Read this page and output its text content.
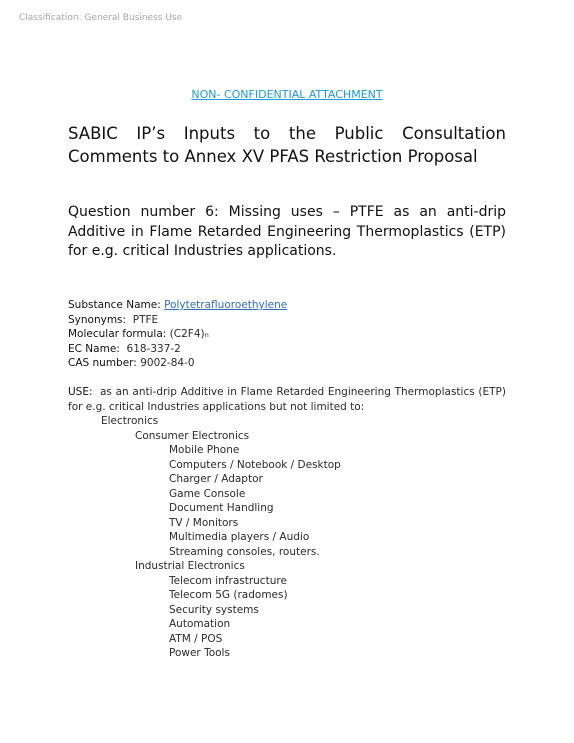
Classification: General Business Use
NON- CONFIDENTIAL ATTACHMENT
SABIC IP’s Inputs to the Public Consultation Comments to Annex XV PFAS Restriction Proposal
Question number 6: Missing uses – PTFE as an anti-drip Additive in Flame Retarded Engineering Thermoplastics (ETP) for e.g. critical Industries applications.
Substance Name: Polytetrafluoroethylene
Synonyms: PTFE
Molecular formula: (C2F4)ₙ
EC Name: 618-337-2
CAS number: 9002-84-0
USE: as an anti-drip Additive in Flame Retarded Engineering Thermoplastics (ETP) for e.g. critical Industries applications but not limited to:
Electronics
Consumer Electronics
Mobile Phone
Computers / Notebook / Desktop
Charger / Adaptor
Game Console
Document Handling
TV / Monitors
Multimedia players / Audio
Streaming consoles, routers.
Industrial Electronics
Telecom infrastructure
Telecom 5G (radomes)
Security systems
Automation
ATM / POS
Power Tools
